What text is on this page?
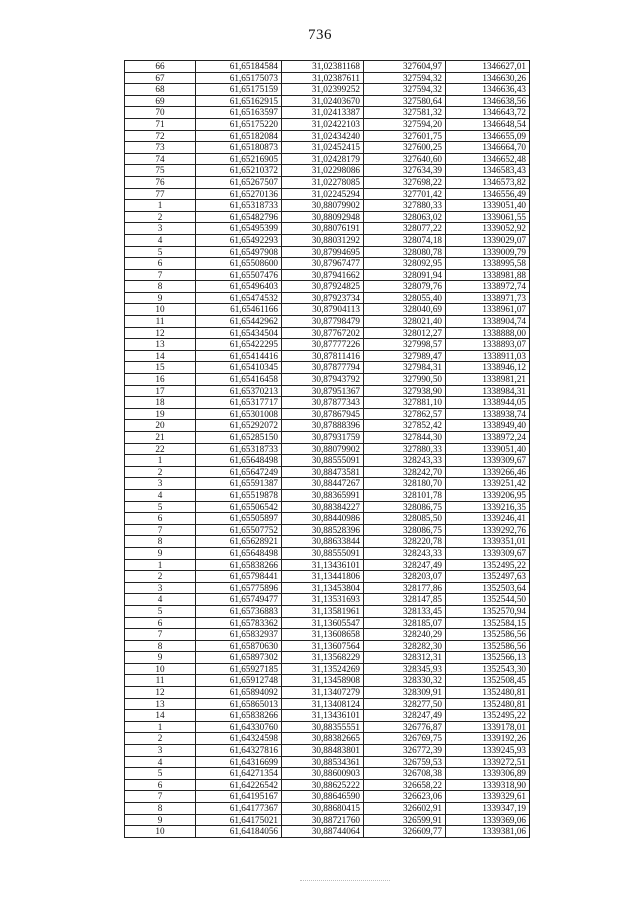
736
66	61,65184584	31,02381168	327604,97	1346627,01
67	61,65175073	31,02387611	327594,32	1346630,26
68	61,65175159	31,02399252	327594,32	1346636,43
69	61,65162915	31,02403670	327580,64	1346638,56
70	61,65163597	31,02413387	327581,32	1346643,72
71	61,65175220	31,02422103	327594,20	1346648,54
72	61,65182084	31,02434240	327601,75	1346655,09
73	61,65180873	31,02452415	327600,25	1346664,70
74	61,65216905	31,02428179	327640,60	1346652,48
75	61,65210372	31,02298086	327634,39	1346583,43
76	61,65267507	31,02278085	327698,22	1346573,82
77	61,65270136	31,02245294	327701,42	1346556,49
1	61,65318733	30,88079902	327880,33	1339051,40
2	61,65482796	30,88092948	328063,02	1339061,55
3	61,65495399	30,88076191	328077,22	1339052,92
4	61,65492293	30,88031292	328074,18	1339029,07
5	61,65497908	30,87994695	328080,78	1339009,79
6	61,65508600	30,87967477	328092,95	1338995,58
7	61,65507476	30,87941662	328091,94	1338981,88
8	61,65496403	30,87924825	328079,76	1338972,74
9	61,65474532	30,87923734	328055,40	1338971,73
10	61,65461166	30,87904113	328040,69	1338961,07
11	61,65442962	30,87798479	328021,40	1338904,74
12	61,65434504	30,87767202	328012,27	1338888,00
13	61,65422295	30,87777226	327998,57	1338893,07
14	61,65414416	30,87811416	327989,47	1338911,03
15	61,65410345	30,87877794	327984,31	1338946,12
16	61,65416458	30,87943792	327990,50	1338981,21
17	61,65370213	30,87951367	327938,90	1338984,31
18	61,65317717	30,87877343	327881,10	1338944,05
19	61,65301008	30,87867945	327862,57	1338938,74
20	61,65292072	30,87888396	327852,42	1338949,40
21	61,65285150	30,87931759	327844,30	1338972,24
22	61,65318733	30,88079902	327880,33	1339051,40
1	61,65648498	30,88555091	328243,33	1339309,67
2	61,65647249	30,88473581	328242,70	1339266,46
3	61,65591387	30,88447267	328180,70	1339251,42
4	61,65519878	30,88365991	328101,78	1339206,95
5	61,65506542	30,88384227	328086,75	1339216,35
6	61,65505897	30,88440986	328085,50	1339246,41
7	61,65507752	30,88528396	328086,75	1339292,76
8	61,65628921	30,88633844	328220,78	1339351,01
9	61,65648498	30,88555091	328243,33	1339309,67
1	61,65838266	31,13436101	328247,49	1352495,22
2	61,65798441	31,13441806	328203,07	1352497,63
3	61,65775896	31,13453804	328177,86	1352503,64
4	61,65749477	31,13531693	328147,85	1352544,50
5	61,65736883	31,13581961	328133,45	1352570,94
6	61,65783362	31,13605547	328185,07	1352584,15
7	61,65832937	31,13608658	328240,29	1352586,56
8	61,65870630	31,13607564	328282,30	1352586,56
9	61,65897302	31,13568229	328312,31	1352566,13
10	61,65927185	31,13524269	328345,93	1352543,30
11	61,65912748	31,13458908	328330,32	1352508,45
12	61,65894092	31,13407279	328309,91	1352480,81
13	61,65865013	31,13408124	328277,50	1352480,81
14	61,65838266	31,13436101	328247,49	1352495,22
1	61,64330760	30,88355551	326776,87	1339178,01
2	61,64324598	30,88382665	326769,75	1339192,26
3	61,64327816	30,88483801	326772,39	1339245,93
4	61,64316699	30,88534361	326759,53	1339272,51
5	61,64271354	30,88600903	326708,38	1339306,89
6	61,64226542	30,88625222	326658,22	1339318,90
7	61,64195167	30,88646590	326623,06	1339329,61
8	61,64177367	30,88680415	326602,91	1339347,19
9	61,64175021	30,88721760	326599,91	1339369,06
10	61,64184056	30,88744064	326609,77	1339381,06
